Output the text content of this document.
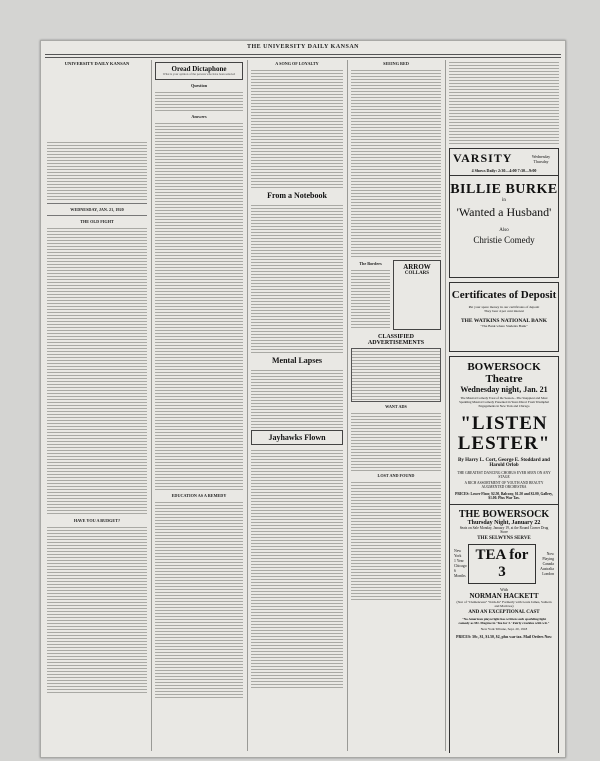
THE UNIVERSITY DAILY KANSAN
UNIVERSITY DAILY KANSAN
WEDNESDAY, JAN. 21, 1920
THE OLD FIGHT
HAVE YOU A BUDGET?
Oread Dictaphone
What is your opinion of the persons who have been selected
Question
Answers
EDUCATION AS A REMEDY
A SONG OF LOYALTY
From a Notebook
Mental Lapses
Jayhawks Flown
SEEING RED
The Borders	ARROW
COLLARS
CLASSIFIED ADVERTISEMENTS
WANT ADS
LOST AND FOUND
VARSITY	Wednesday Thursday
4 Shows Daily: 2:30—4:00 7:30—9:00
BILLIE BURKE
in
'Wanted a Husband'
Also
Christie Comedy
Certificates of Deposit
Put your spare money in our certificates of deposit
They bear 4 per cent interest
THE WATKINS NATIONAL BANK
"The Bank where Students Bank"
BOWERSOCK Theatre
Wednesday night, Jan. 21
The Musical Comedy Treat of the Season—The Snappiest and Most Sparkling Musical Comedy Presented in Years Direct From Triumphal Engagements in New York and Chicago
"LISTEN LESTER"
By Harry L. Cort, George E. Stoddard and Harold Orlob
THE GREATEST DANCING CHORUS EVER SEEN ON ANY STAGE
A RICH ASSORTMENT OF YOUTH AND BEAUTY AUGMENTED ORCHESTRA
PRICES: Lower Floor, $2.50, Balcony, $1.50 and $2.00, Gallery, $1.00. Plus War Tax.
THE BOWERSOCK
Thursday Night, January 22
Seats on Sale Monday, January 19, at the Round Corner Drug Store
THE SELWYNS SERVE
New York
1 Year
Chicago
6 Months
TEA for 3
Now Playing
Canada
Australia
London
With
NORMAN HACKETT
(Star of "Clemenceau" "Kick-In" Formerly with Louis James, Sothern and Marlowe)
AND AN EXCEPTIONAL CAST
"No American playwright has written such sparkling light comedy as Mr. Megrue in 'Tea for 3.' Fairly crackles with wit."
New York Tribune, Sept. 20, 1918
PRICES: 50c, $1, $1.50, $2, plus war tax. Mail Orders Now
